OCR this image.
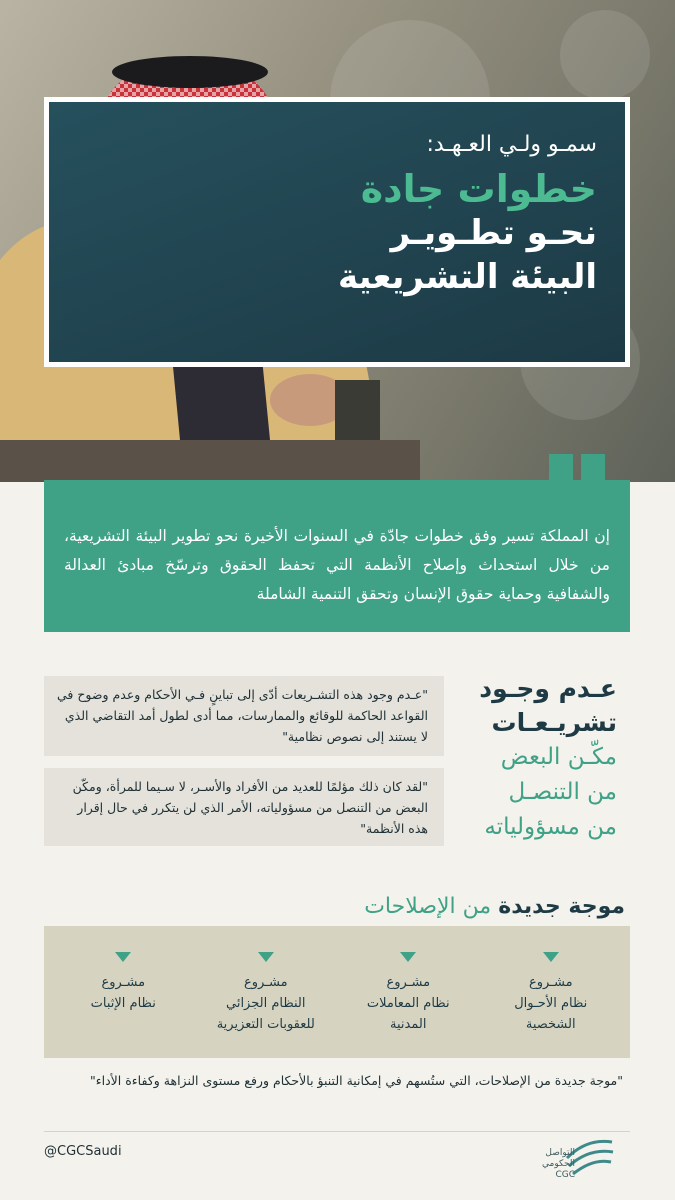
سمـو ولـي العـهـد:
خطوات جادة
نحـو تطـويـر
البيئة التشريعية
إن المملكة تسير وفق خطوات جادّة في السنوات الأخيرة نحو تطوير البيئة التشريعية، من خلال استحداث وإصلاح الأنظمة التي تحفظ الحقوق وترسّخ مبادئ العدالة والشفافية وحماية حقوق الإنسان وتحقق التنمية الشاملة
"عـدم وجود هذه التشـريعات أدّى إلى تباينٍ فـي الأحكام وعدم وضوح في القواعد الحاكمة للوقائع والممارسات، مما أدى لطول أمد التقاضي الذي لا يستند إلى نصوص نظامية"
"لقد كان ذلك مؤلمًا للعديد من الأفراد والأسـر، لا سـيما للمرأة، ومكّن البعض من التنصل من مسؤولياته، الأمر الذي لن يتكرر في حال إقرار هذه الأنظمة"
عـدم وجـود
تشريـعـات
مكّـن البعض
من التنصـل
من مسؤولياته
موجة جديدة من الإصلاحات
مشـروع
نظام الأحـوال
الشخصية
مشـروع
نظام المعاملات
المدنية
مشـروع
النظام الجزائي
للعقوبات التعزيرية
مشـروع
نظام الإثبات
"موجة جديدة من الإصلاحات، التي ستُسهم في إمكانية التنبؤ بالأحكام ورفع مستوى النزاهة وكفاءة الأداء"
@CGCSaudi	التواصل
الحكومي
CGC
